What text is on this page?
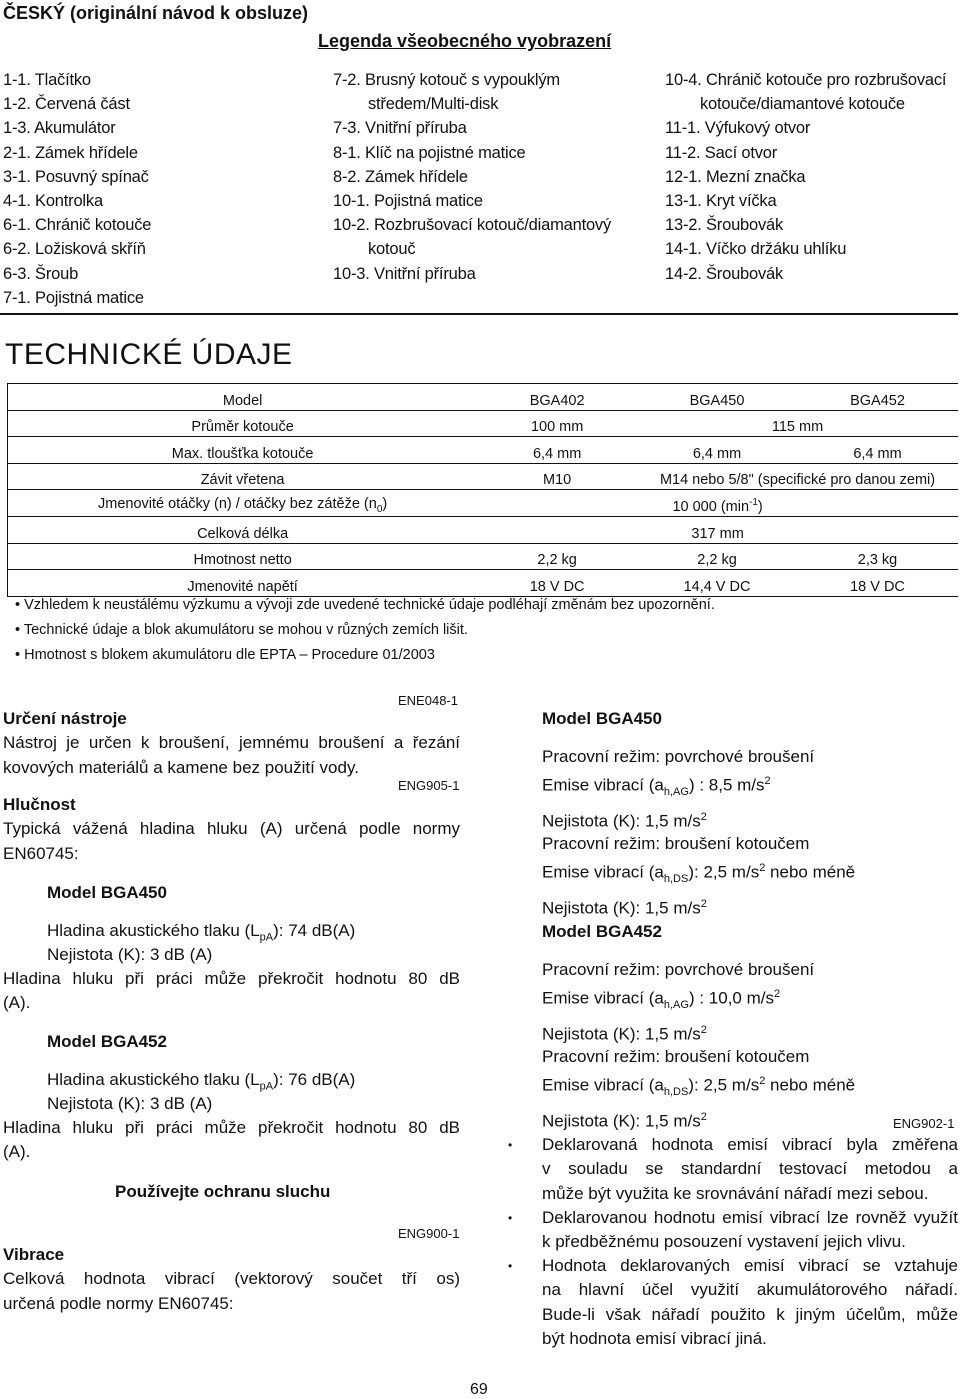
ČESKÝ (originální návod k obsluze)
Legenda všeobecného vyobrazení
1-1. Tlačítko
1-2. Červená část
1-3. Akumulátor
2-1. Zámek hřídele
3-1. Posuvný spínač
4-1. Kontrolka
6-1. Chránič kotouče
6-2. Ložisková skříň
6-3. Šroub
7-1. Pojistná matice
7-2. Brusný kotouč s vypouklým
středem/Multi-disk
7-3. Vnitřní příruba
8-1. Klíč na pojistné matice
8-2. Zámek hřídele
10-1. Pojistná matice
10-2. Rozbrušovací kotouč/diamantový
kotouč
10-3. Vnitřní příruba
10-4. Chránič kotouče pro rozbrušovací
kotouče/diamantové kotouče
11-1. Výfukový otvor
11-2. Sací otvor
12-1. Mezní značka
13-1. Kryt víčka
13-2. Šroubovák
14-1. Víčko držáku uhlíku
14-2. Šroubovák
TECHNICKÉ ÚDAJE
Model	BGA402	BGA450	BGA452
Průměr kotouče	100 mm	115 mm	
Max. tloušťka kotouče	6,4 mm	6,4 mm	6,4 mm
Závit vřetena	M10	M14 nebo 5/8" (specifické pro danou zemi)	
Jmenovité otáčky (n) / otáčky bez zátěže $(n_0)$	10 000 $(\min^{-1})$		
Celková délka	317 mm		
Hmotnost netto	2,2 kg	2,2 kg	2,3 kg
Jmenovité napětí	18 V DC	14,4 V DC	18 V DC
• Vzhledem k neustálému výzkumu a vývoji zde uvedené technické údaje podléhají změnám bez upozornění.
• Technické údaje a blok akumulátoru se mohou v různých zemích lišit.
• Hmotnost s blokem akumulátoru dle EPTA – Procedure 01/2003
ENE048-1
Určení nástroje
Nástroj je určen k broušení, jemnému broušení a řezání
kovových materiálů a kamene bez použití vody.
ENG905-1
Hlučnost
Typická vážená hladina hluku (A) určená podle normy
EN60745:
Model BGA450
Hladina akustického tlaku $(L_{pA})$: 74 dB(A)
Nejistota (K): 3 dB (A)
Hladina hluku při práci může překročit hodnotu 80 dB
(A).
Model BGA452
Hladina akustického tlaku $(L_{pA})$: 76 dB(A)
Nejistota (K): 3 dB (A)
Hladina hluku při práci může překročit hodnotu 80 dB
(A).
Používejte ochranu sluchu
ENG900-1
Vibrace
Celková hodnota vibrací (vektorový součet tří os)
určená podle normy EN60745:
Model BGA450
Pracovní režim: povrchové broušení
Emise vibrací $(a_{h,AG})$ : 8,5 $m/s^2$
Nejistota (K): 1,5 $m/s^2$
Pracovní režim: broušení kotoučem
Emise vibrací $(a_{h,DS})$: 2,5 $m/s^2$ nebo méně
Nejistota (K): 1,5 $m/s^2$
Model BGA452
Pracovní režim: povrchové broušení
Emise vibrací $(a_{h,AG})$ : 10,0 $m/s^2$
Nejistota (K): 1,5 $m/s^2$
Pracovní režim: broušení kotoučem
Emise vibrací $(a_{h,DS})$: 2,5 $m/s^2$ nebo méně
Nejistota (K): 1,5 $m/s^2$	ENG902-1
• Deklarovaná hodnota emisí vibrací byla změřena
v souladu se standardní testovací metodou a
může být využita ke srovnávání nářadí mezi sebou.
• Deklarovanou hodnotu emisí vibrací lze rovněž využít
k předběžnému posouzení vystavení jejich vlivu.
• Hodnota deklarovaných emisí vibrací se vztahuje
na hlavní účel využití akumulátorového nářadí.
Bude-li však nářadí použito k jiným účelům, může
být hodnota emisí vibrací jiná.
69
